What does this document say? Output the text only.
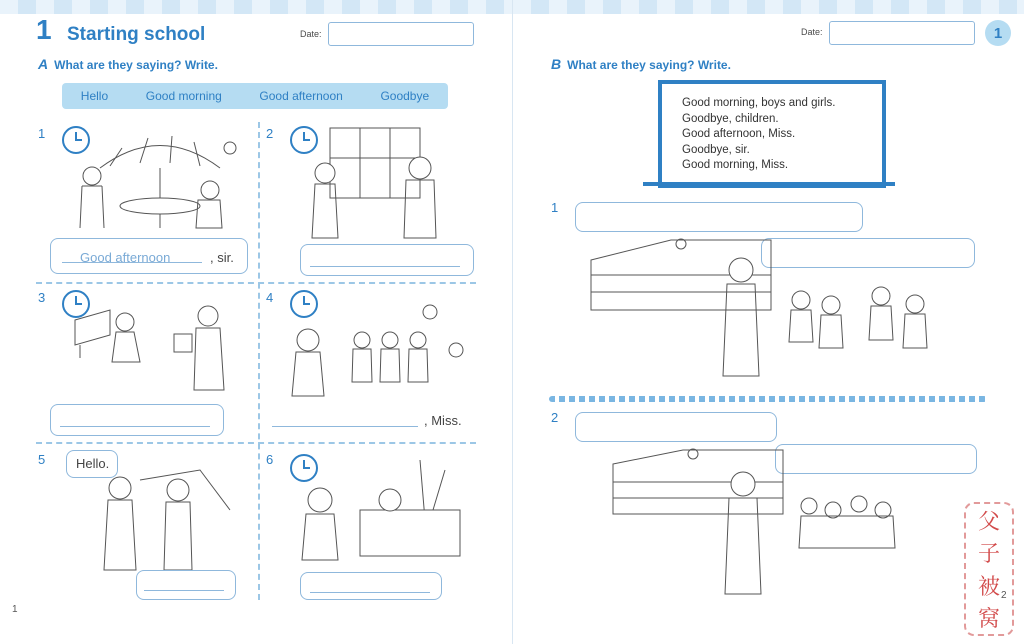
1 Starting school	Date:
A What are they saying? Write.
Hello	Good morning	Good afternoon	Goodbye
1
Good afternoon	, sir.
2
3	4
, Miss.
5 Hello.	6
1
Date:	1
B What are they saying? Write.
Good morning, boys and girls.
Goodbye, children.
Good afternoon, Miss.
Goodbye, sir.
Good morning, Miss.
1
2
2
父
子
被
窝
